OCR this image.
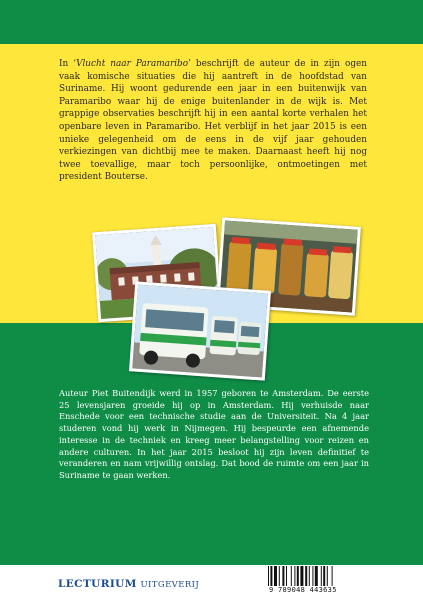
In ‘Vlucht naar Paramaribo’ beschrijft de auteur de in zijn ogen vaak komische situaties die hij aantreft in de hoofdstad van Suriname. Hij woont gedurende een jaar in een buitenwijk van Paramaribo waar hij de enige buitenlander in de wijk is. Met grappige observaties beschrijft hij in een aantal korte verhalen het openbare leven in Paramaribo. Het verblijf in het jaar 2015 is een unieke gelegenheid om de eens in de vijf jaar gehouden verkiezingen van dichtbij mee te maken. Daarnaast heeft hij nog twee toevallige, maar toch persoonlijke, ontmoetingen met president Bouterse.

Auteur Piet Buitendijk werd in 1957 geboren te Amsterdam. De eerste 25 levensjaren groeide hij op in Amsterdam. Hij verhuisde naar Enschede voor een technische studie aan de Universiteit. Na 4 jaar studeren vond hij werk in Nijmegen. Hij bespeurde een afnemende interesse in de techniek en kreeg meer belangstelling voor reizen en andere culturen. In het jaar 2015 besloot hij zijn leven definitief te veranderen en nam vrijwillig ontslag. Dat bood de ruimte om een jaar in Suriname te gaan werken.

LECTURIUM UITGEVERIJ	9 789048 443635
